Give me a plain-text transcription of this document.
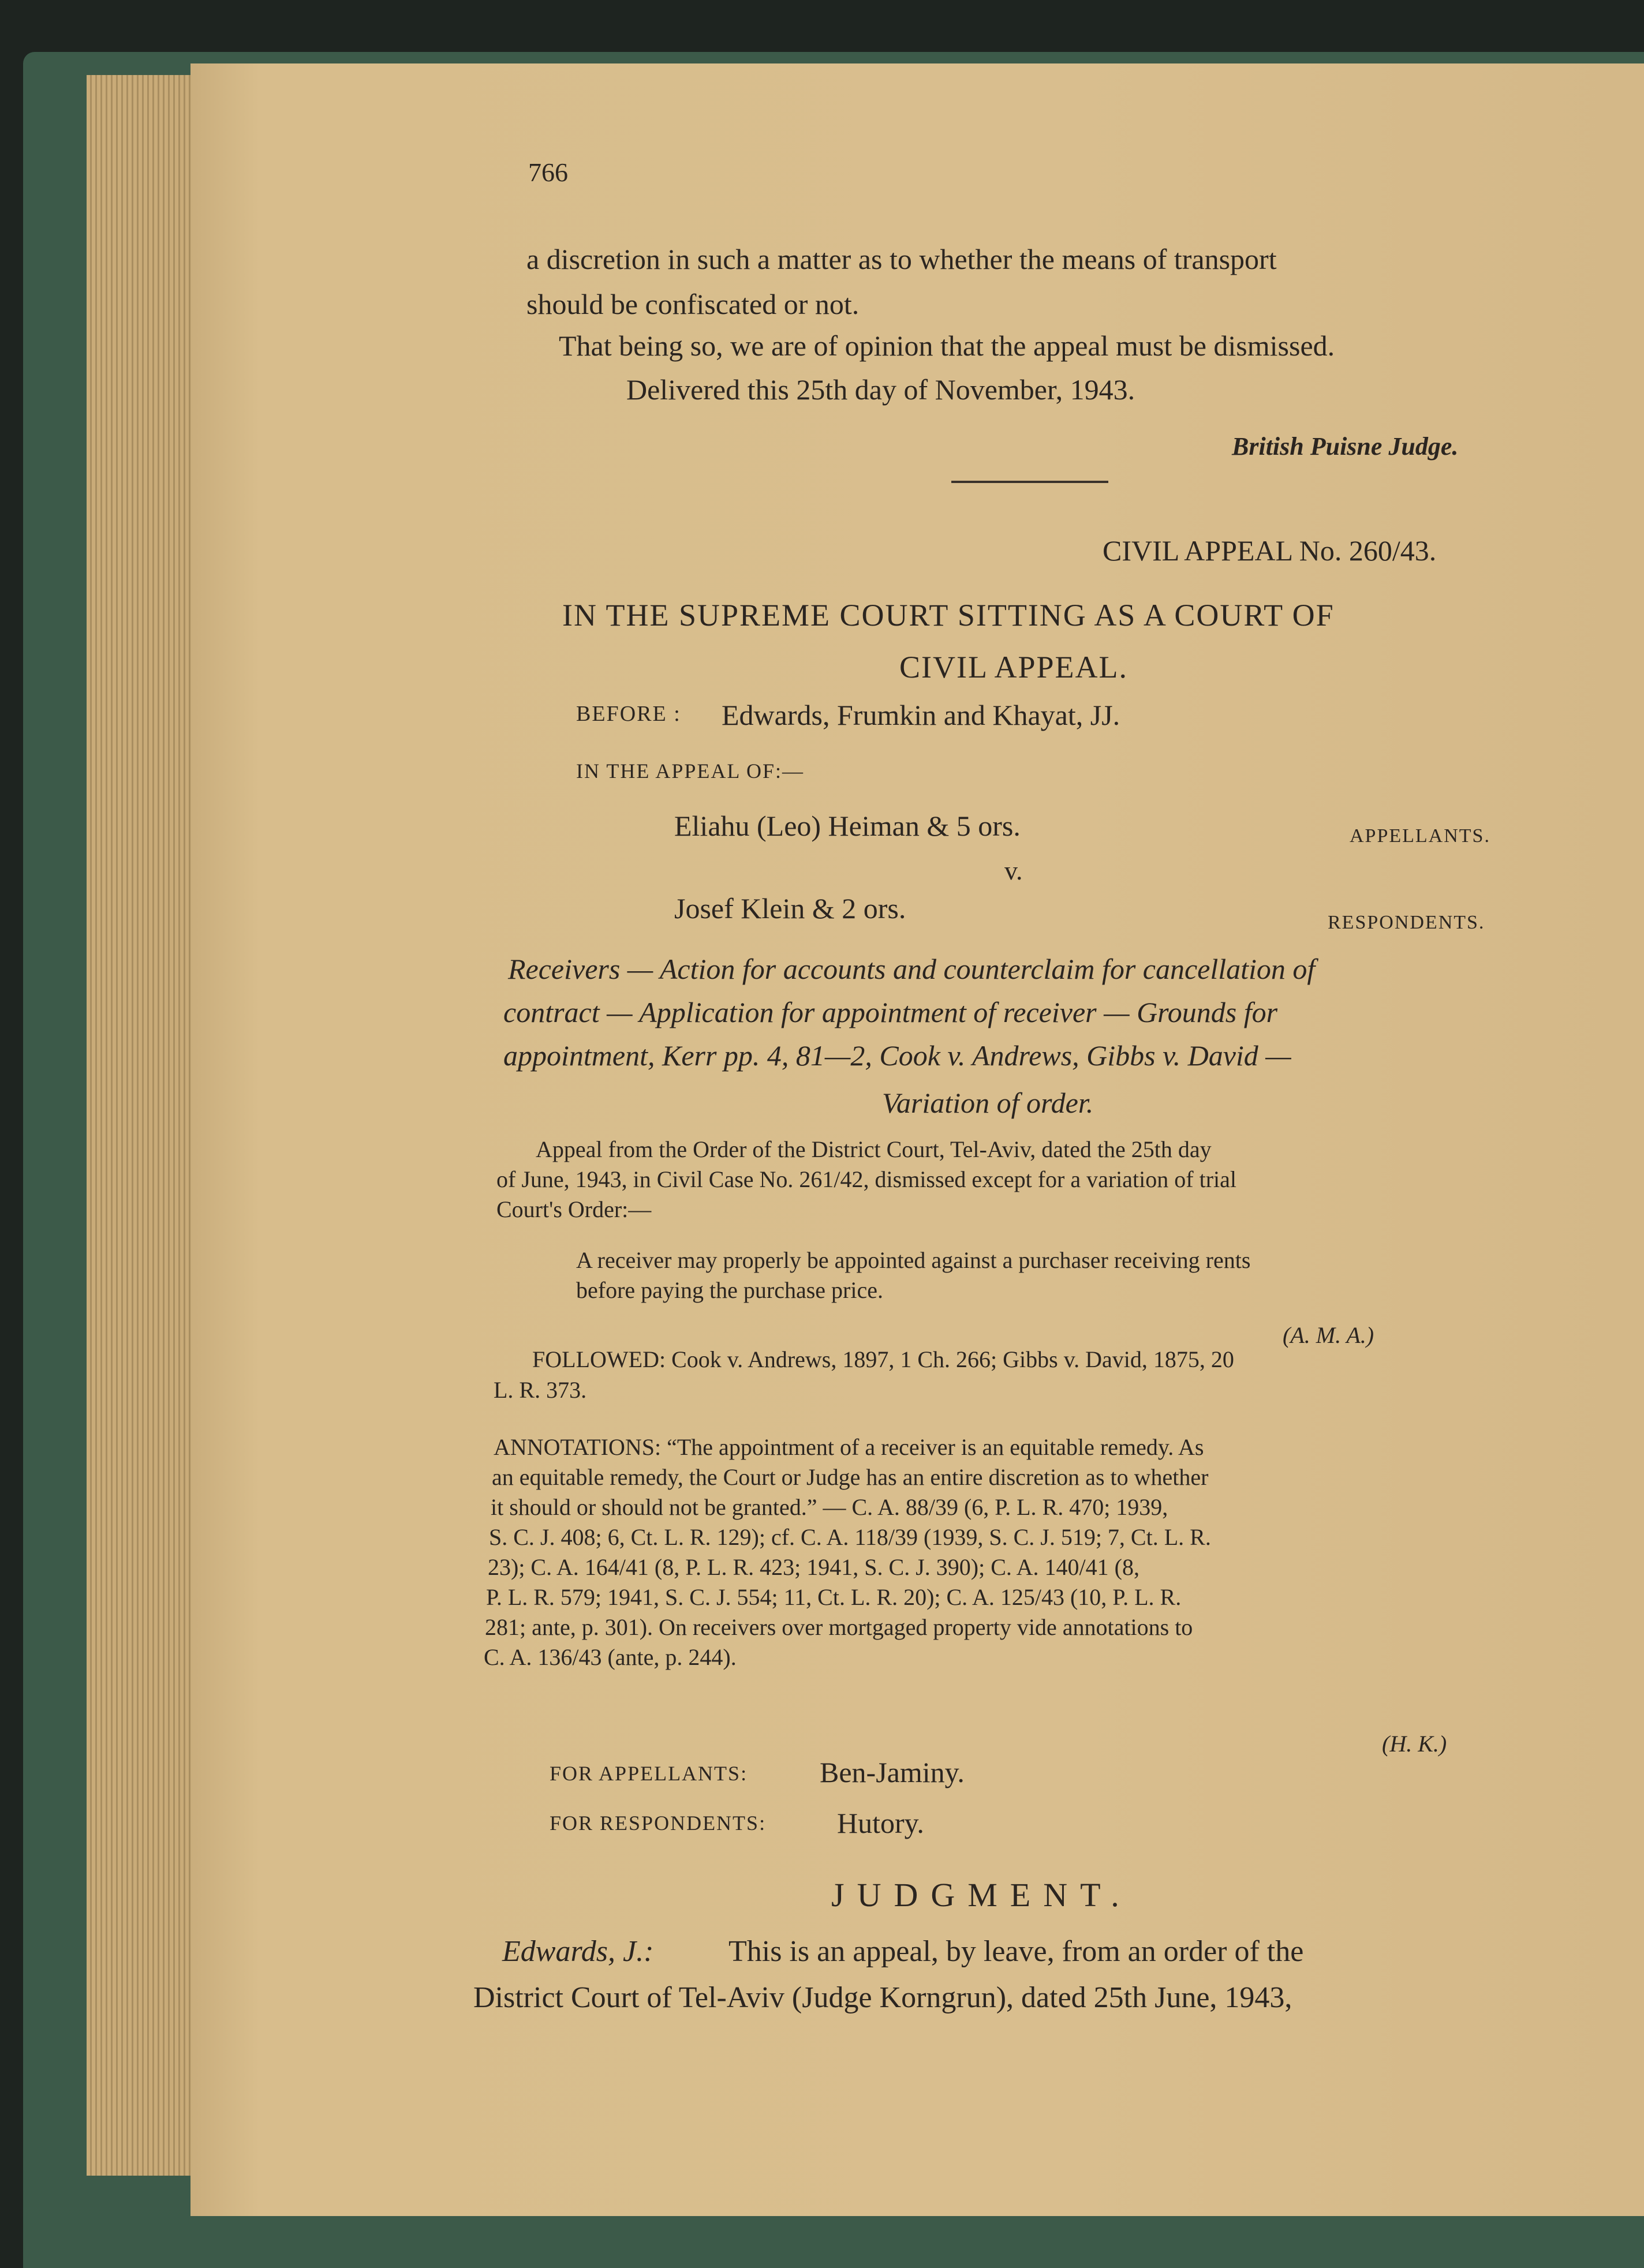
766
a discretion in such a matter as to whether the means of transport
should be confiscated or not.
That being so, we are of opinion that the appeal must be dismissed.
Delivered this 25th day of November, 1943.
British Puisne Judge.
CIVIL APPEAL No. 260/43.
IN THE SUPREME COURT SITTING AS A COURT OF
CIVIL APPEAL.
BEFORE : Edwards, Frumkin and Khayat, JJ.
IN THE APPEAL OF:—
Eliahu (Leo) Heiman & 5 ors.	APPELLANTS.
v.
Josef Klein & 2 ors.	RESPONDENTS.
Receivers — Action for accounts and counterclaim for cancellation of
contract — Application for appointment of receiver — Grounds for
appointment, Kerr pp. 4, 81—2, Cook v. Andrews, Gibbs v. David —
Variation of order.
Appeal from the Order of the District Court, Tel-Aviv, dated the 25th day
of June, 1943, in Civil Case No. 261/42, dismissed except for a variation of trial
Court's Order:—
A receiver may properly be appointed against a purchaser receiving rents
before paying the purchase price.
(A. M. A.)
FOLLOWED: Cook v. Andrews, 1897, 1 Ch. 266; Gibbs v. David, 1875, 20
L. R. 373.
ANNOTATIONS: “The appointment of a receiver is an equitable remedy. As
an equitable remedy, the Court or Judge has an entire discretion as to whether
it should or should not be granted.” — C. A. 88/39 (6, P. L. R. 470; 1939,
S. C. J. 408; 6, Ct. L. R. 129); cf. C. A. 118/39 (1939, S. C. J. 519; 7, Ct. L. R.
23); C. A. 164/41 (8, P. L. R. 423; 1941, S. C. J. 390); C. A. 140/41 (8,
P. L. R. 579; 1941, S. C. J. 554; 11, Ct. L. R. 20); C. A. 125/43 (10, P. L. R.
281; ante, p. 301). On receivers over mortgaged property vide annotations to
C. A. 136/43 (ante, p. 244).
(H. K.)
FOR APPELLANTS: Ben-Jaminy.
FOR RESPONDENTS: Hutory.
JUDGMENT.
Edwards, J.: This is an appeal, by leave, from an order of the
District Court of Tel-Aviv (Judge Korngrun), dated 25th June, 1943,
